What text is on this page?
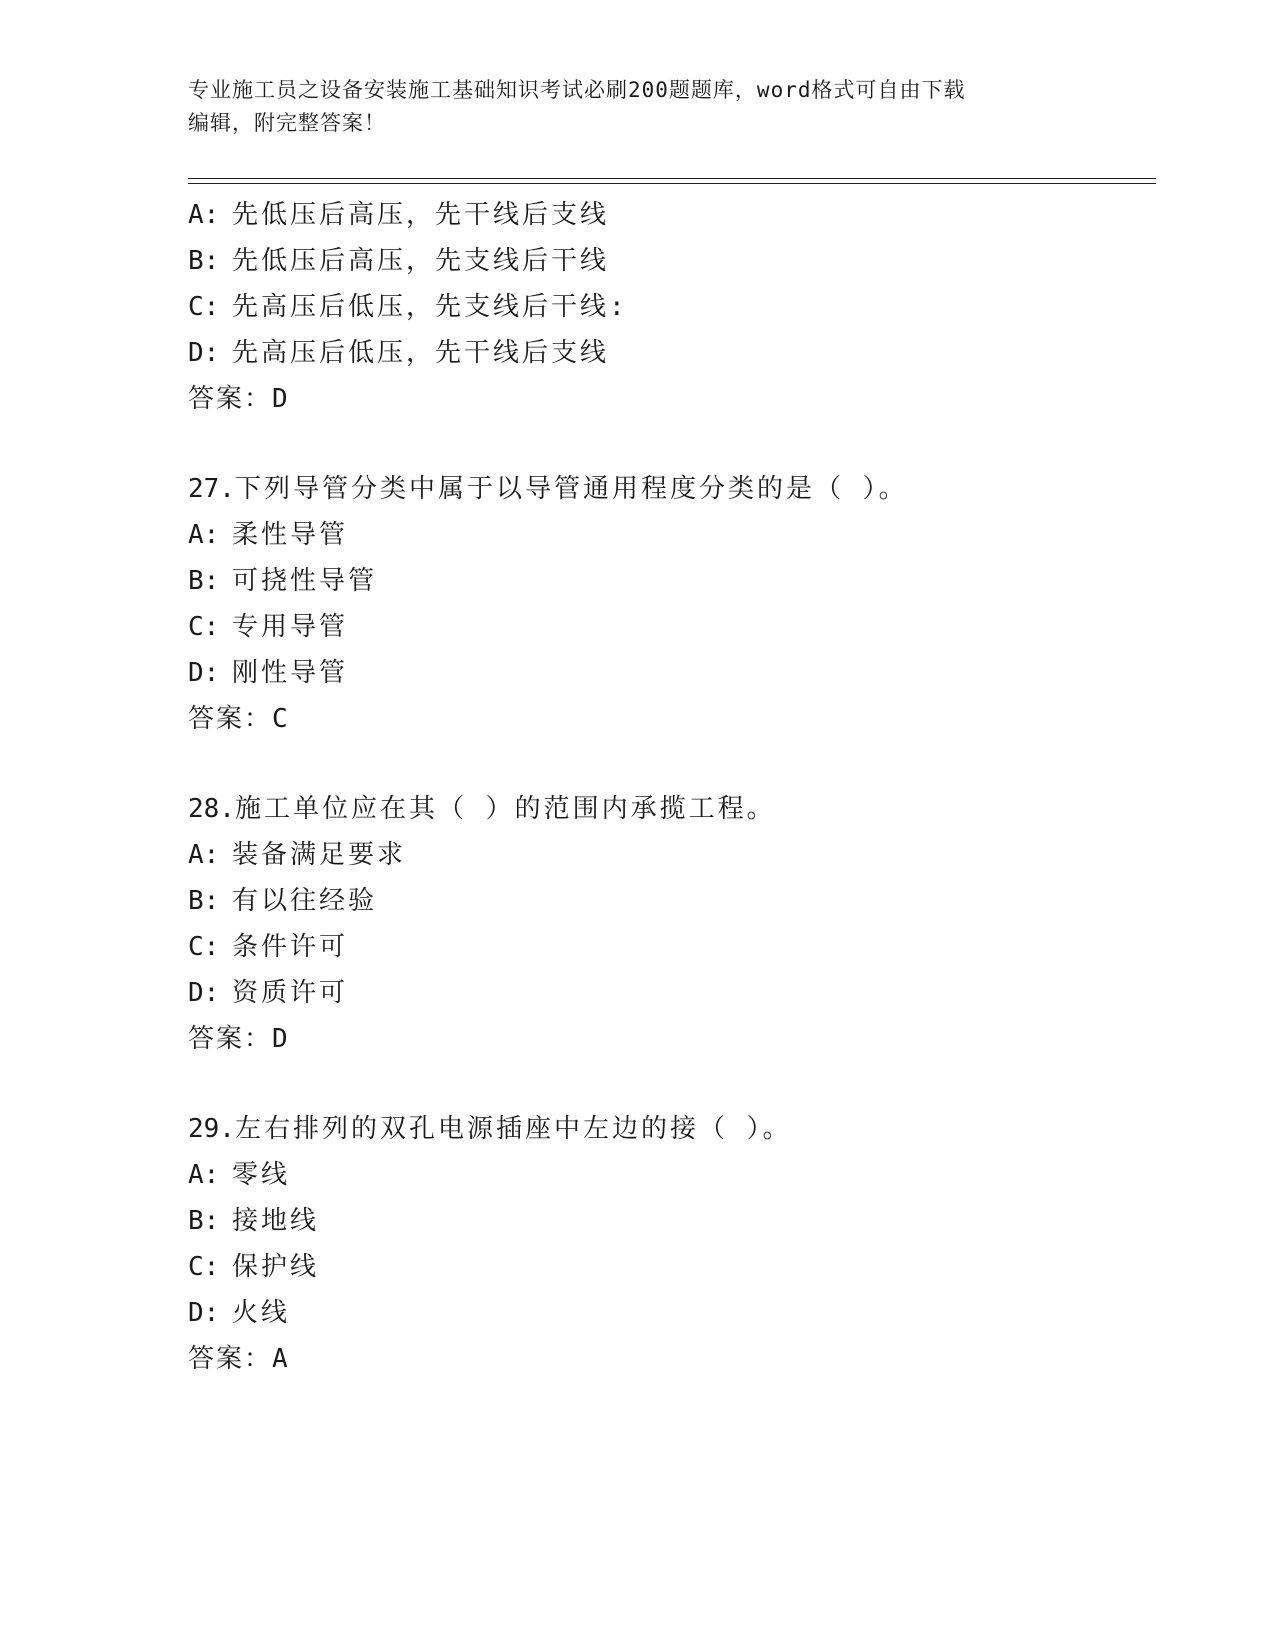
专业施工员之设备安装施工基础知识考试必刷200题题库，word格式可自由下载
编辑，附完整答案！
A: 先低压后高压，先干线后支线
B: 先低压后高压，先支线后干线
C: 先高压后低压，先支线后干线:
D: 先高压后低压，先干线后支线
答案：D
27.下列导管分类中属于以导管通用程度分类的是（ ）。
A: 柔性导管
B: 可挠性导管
C: 专用导管
D: 刚性导管
答案：C
28.施工单位应在其（ ）的范围内承揽工程。
A: 装备满足要求
B: 有以往经验
C: 条件许可
D: 资质许可
答案：D
29.左右排列的双孔电源插座中左边的接（ ）。
A: 零线
B: 接地线
C: 保护线
D: 火线
答案：A
